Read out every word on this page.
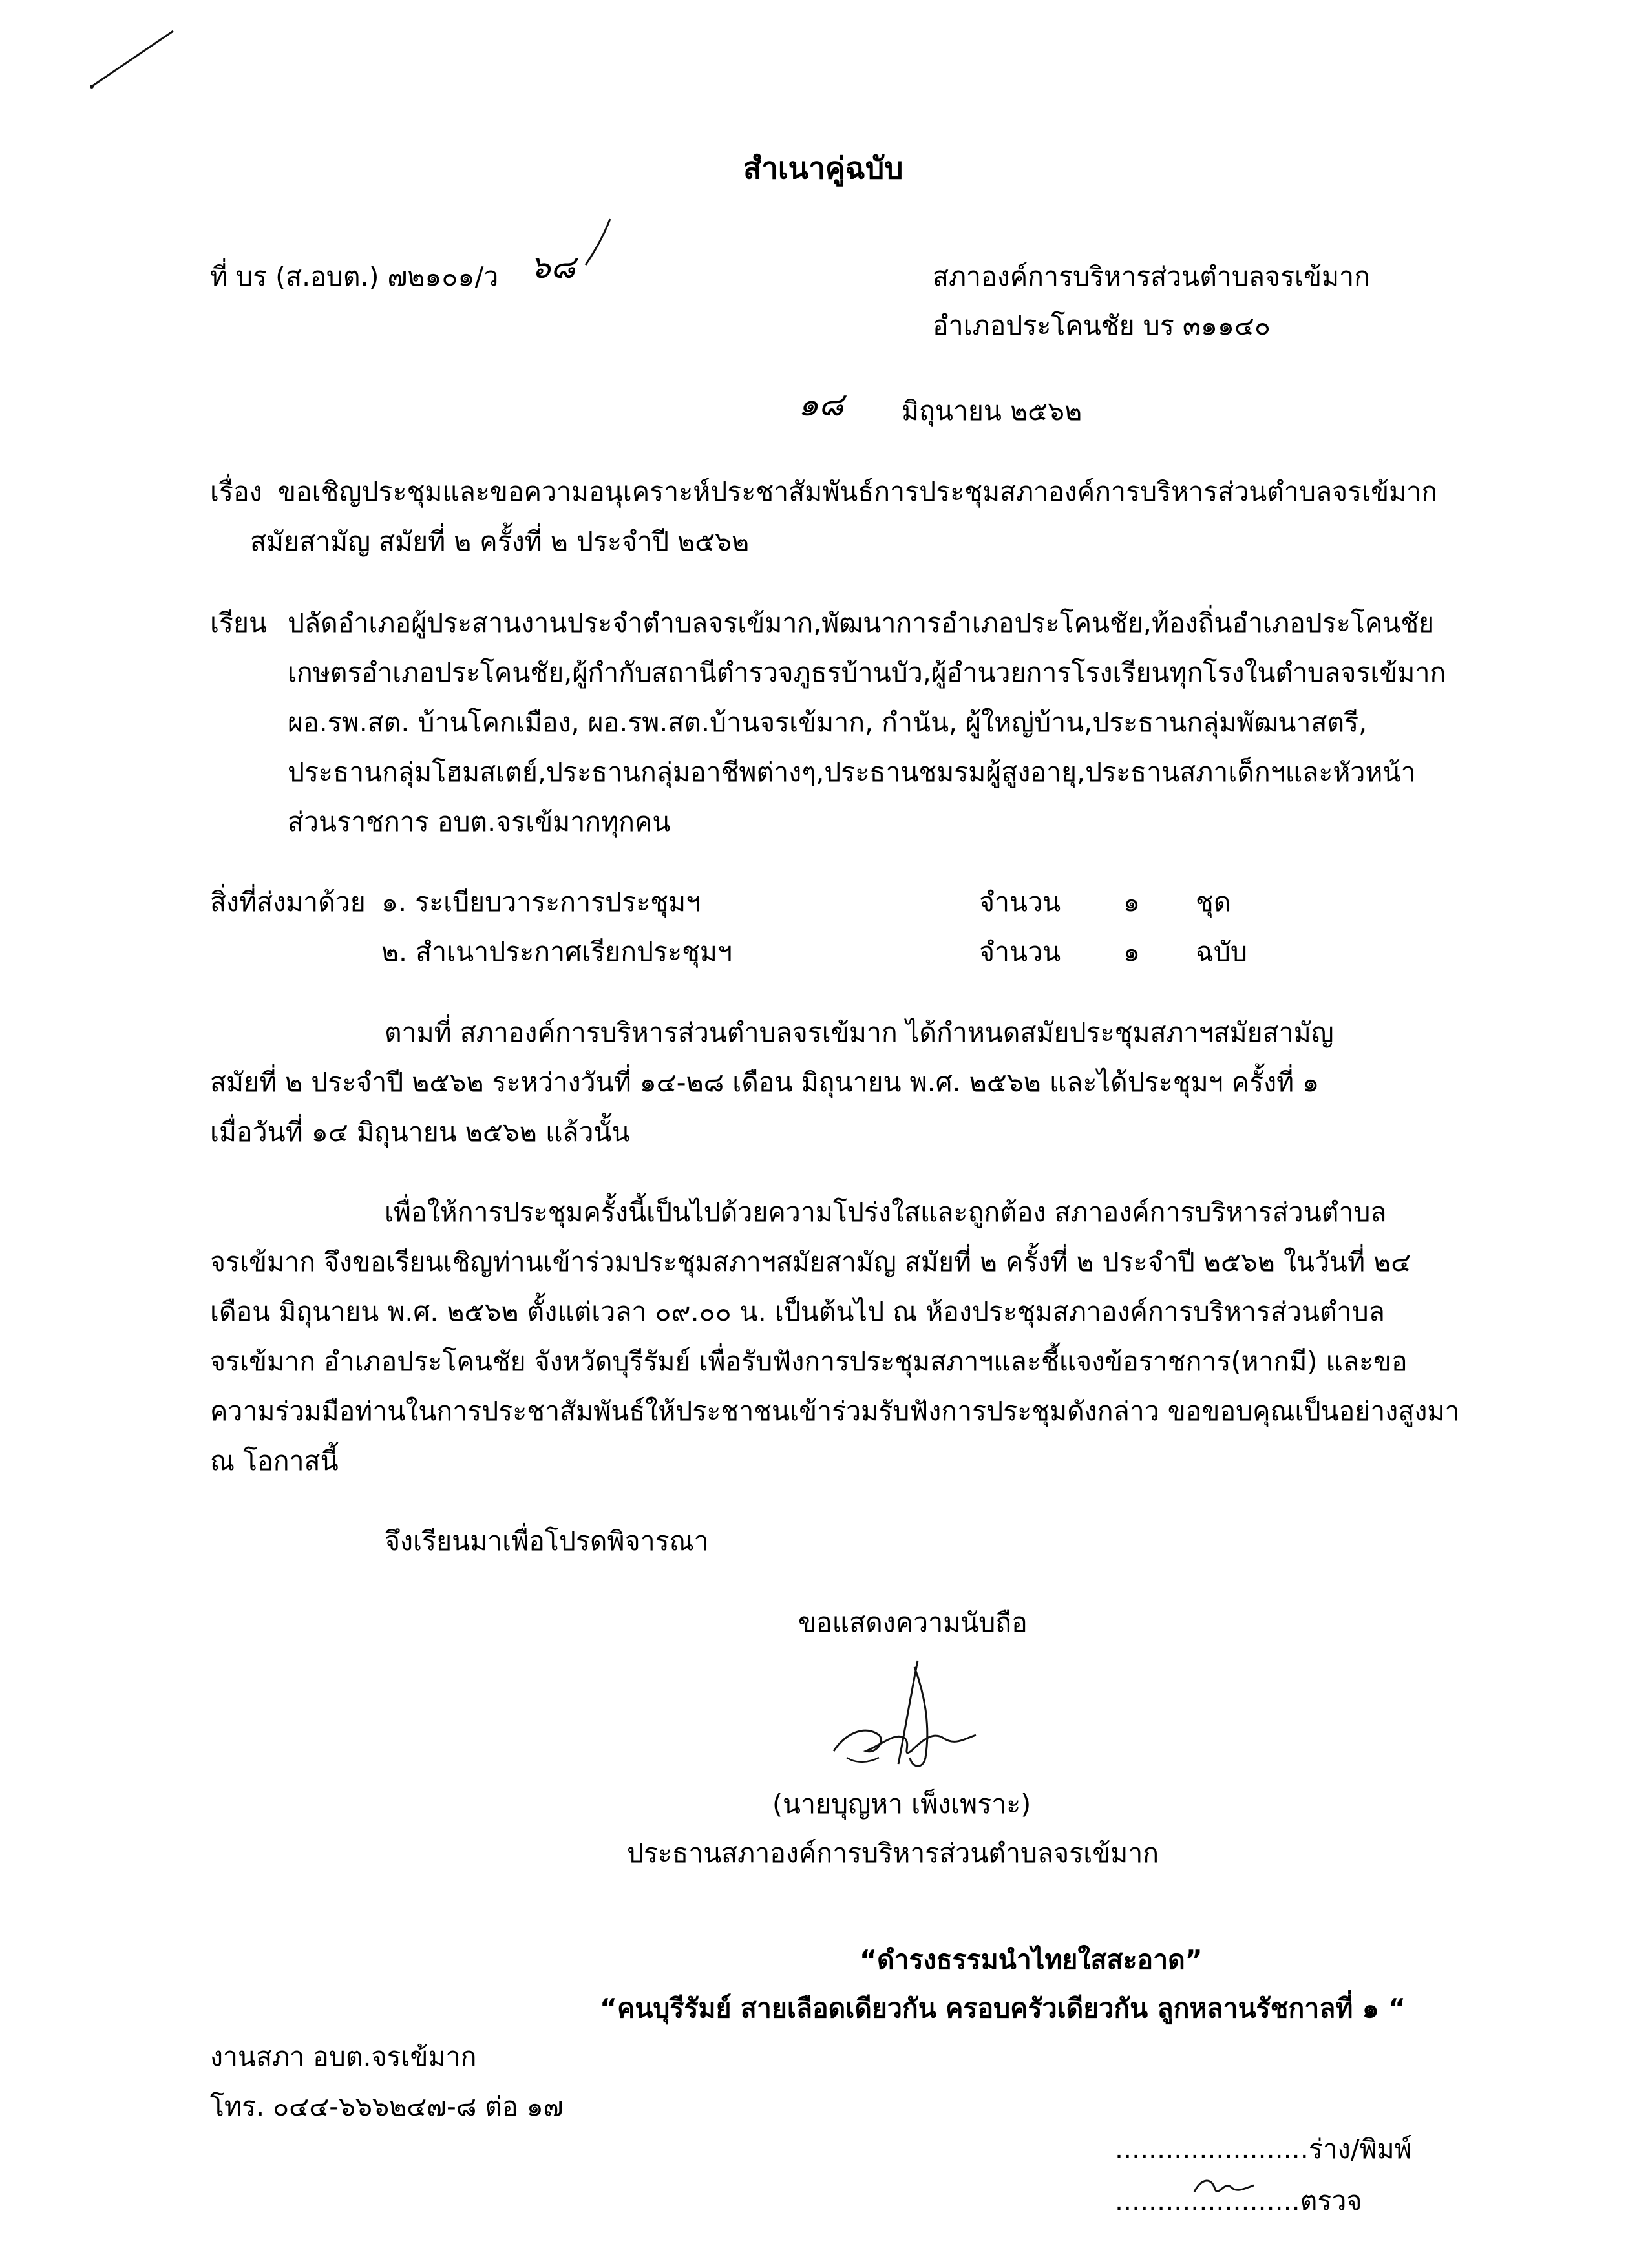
สำเนาคู่ฉบับ
ที่ บร (ส.อบต.) ๗๒๑๐๑/ว ๖๘	สภาองค์การบริหารส่วนตำบลจรเข้มาก
อำเภอประโคนชัย บร ๓๑๑๔๐
๑๘ มิถุนายน ๒๕๖๒
เรื่อง ขอเชิญประชุมและขอความอนุเคราะห์ประชาสัมพันธ์การประชุมสภาองค์การบริหารส่วนตำบลจรเข้มาก
สมัยสามัญ สมัยที่ ๒ ครั้งที่ ๒ ประจำปี ๒๕๖๒
เรียน ปลัดอำเภอผู้ประสานงานประจำตำบลจรเข้มาก,พัฒนาการอำเภอประโคนชัย,ท้องถิ่นอำเภอประโคนชัย
เกษตรอำเภอประโคนชัย,ผู้กำกับสถานีตำรวจภูธรบ้านบัว,ผู้อำนวยการโรงเรียนทุกโรงในตำบลจรเข้มาก
ผอ.รพ.สต. บ้านโคกเมือง, ผอ.รพ.สต.บ้านจรเข้มาก, กำนัน, ผู้ใหญ่บ้าน,ประธานกลุ่มพัฒนาสตรี,
ประธานกลุ่มโฮมสเตย์,ประธานกลุ่มอาชีพต่างๆ,ประธานชมรมผู้สูงอายุ,ประธานสภาเด็กฯและหัวหน้า
ส่วนราชการ อบต.จรเข้มากทุกคน
สิ่งที่ส่งมาด้วย ๑. ระเบียบวาระการประชุมฯ	จำนวน ๑ ชุด
๒. สำเนาประกาศเรียกประชุมฯ	จำนวน ๑ ฉบับ
ตามที่ สภาองค์การบริหารส่วนตำบลจรเข้มาก ได้กำหนดสมัยประชุมสภาฯสมัยสามัญ
สมัยที่ ๒ ประจำปี ๒๕๖๒ ระหว่างวันที่ ๑๔-๒๘ เดือน มิถุนายน พ.ศ. ๒๕๖๒ และได้ประชุมฯ ครั้งที่ ๑
เมื่อวันที่ ๑๔ มิถุนายน ๒๕๖๒ แล้วนั้น
เพื่อให้การประชุมครั้งนี้เป็นไปด้วยความโปร่งใสและถูกต้อง สภาองค์การบริหารส่วนตำบล
จรเข้มาก จึงขอเรียนเชิญท่านเข้าร่วมประชุมสภาฯสมัยสามัญ สมัยที่ ๒ ครั้งที่ ๒ ประจำปี ๒๕๖๒ ในวันที่ ๒๔
เดือน มิถุนายน พ.ศ. ๒๕๖๒ ตั้งแต่เวลา ๐๙.๐๐ น. เป็นต้นไป ณ ห้องประชุมสภาองค์การบริหารส่วนตำบล
จรเข้มาก อำเภอประโคนชัย จังหวัดบุรีรัมย์ เพื่อรับฟังการประชุมสภาฯและชี้แจงข้อราชการ(หากมี) และขอ
ความร่วมมือท่านในการประชาสัมพันธ์ให้ประชาชนเข้าร่วมรับฟังการประชุมดังกล่าว ขอขอบคุณเป็นอย่างสูงมา
ณ โอกาสนี้
จึงเรียนมาเพื่อโปรดพิจารณา
ขอแสดงความนับถือ
(นายบุญหา เพ็งเพราะ)
ประธานสภาองค์การบริหารส่วนตำบลจรเข้มาก
“ดำรงธรรมนำไทยใสสะอาด”
“คนบุรีรัมย์ สายเลือดเดียวกัน ครอบครัวเดียวกัน ลูกหลานรัชกาลที่ ๑ “
งานสภา อบต.จรเข้มาก
โทร. ๐๔๔-๖๖๖๒๔๗-๘ ต่อ ๑๗
.......................ร่าง/พิมพ์
......................ตรวจ
